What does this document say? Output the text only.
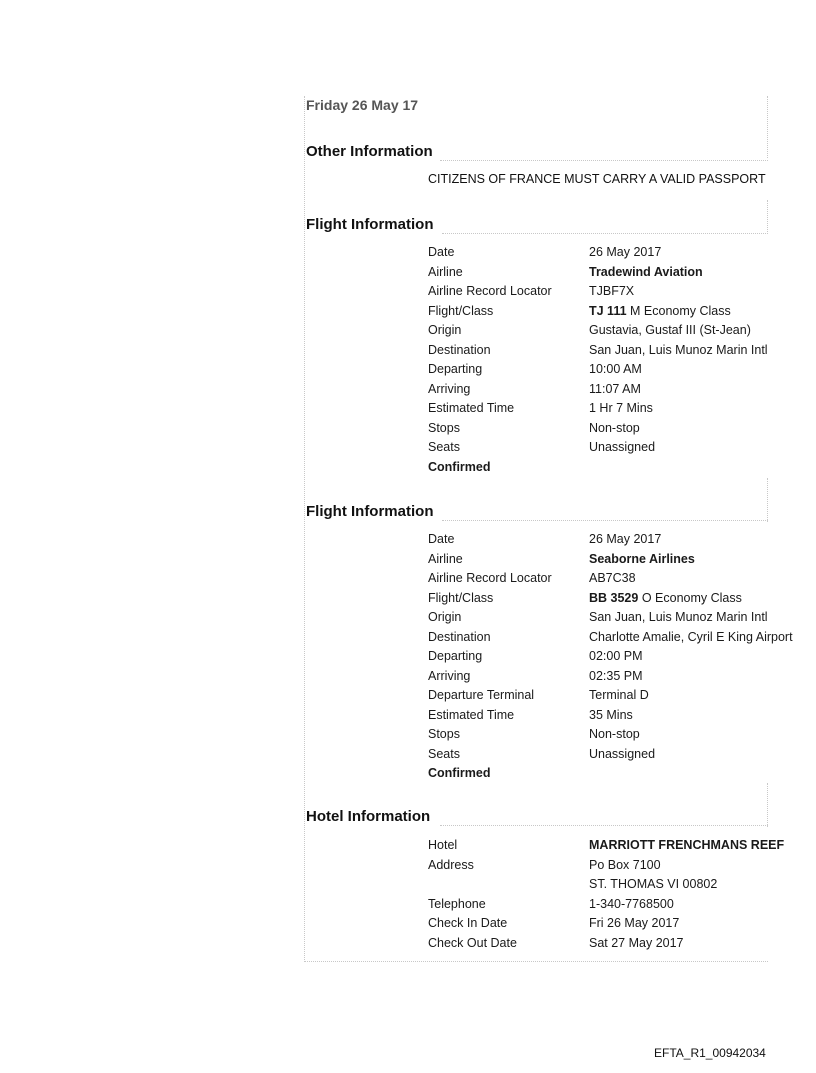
Friday 26 May 17
Other Information
CITIZENS OF FRANCE MUST CARRY A VALID PASSPORT
Flight Information
Date	26 May 2017
Airline	Tradewind Aviation
Airline Record Locator	TJBF7X
Flight/Class	TJ 111 M Economy Class
Origin	Gustavia, Gustaf III (St-Jean)
Destination	San Juan, Luis Munoz Marin Intl
Departing	10:00 AM
Arriving	11:07 AM
Estimated Time	1 Hr 7 Mins
Stops	Non-stop
Seats	Unassigned
Confirmed
Flight Information
Date	26 May 2017
Airline	Seaborne Airlines
Airline Record Locator	AB7C38
Flight/Class	BB 3529 O Economy Class
Origin	San Juan, Luis Munoz Marin Intl
Destination	Charlotte Amalie, Cyril E King Airport
Departing	02:00 PM
Arriving	02:35 PM
Departure Terminal	Terminal D
Estimated Time	35 Mins
Stops	Non-stop
Seats	Unassigned
Confirmed
Hotel Information
Hotel	MARRIOTT FRENCHMANS REEF
Address	Po Box 7100
ST. THOMAS VI 00802
Telephone	1-340-7768500
Check In Date	Fri 26 May 2017
Check Out Date	Sat 27 May 2017
EFTA_R1_00942034
